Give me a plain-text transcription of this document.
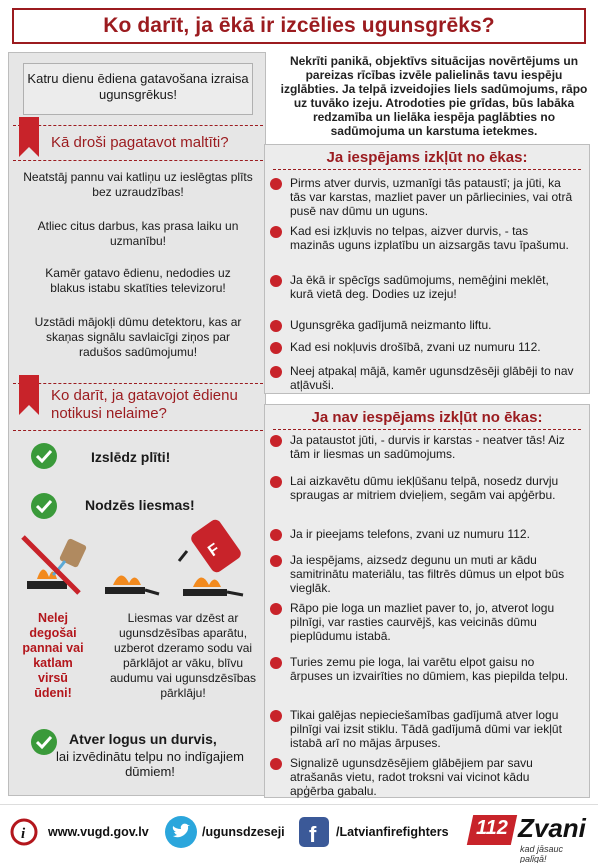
Ko darīt, ja ēkā ir izcēlies ugunsgrēks?
Katru dienu ēdiena gatavošana izraisa ugunsgrēkus!
Kā droši pagatavot maltīti?
Neatstāj pannu vai katliņu uz ieslēgtas plīts bez uzraudzības!
Atliec citus darbus, kas prasa laiku un uzmanību!
Kamēr gatavo ēdienu, nedodies uz blakus istabu skatīties televizoru!
Uzstādi mājokļi dūmu detektoru, kas ar skaņas signālu savlaicīgi ziņos par radušos sadūmojumu!
Ko darīt, ja gatavojot ēdienu notikusi nelaime?
Izslēdz plīti!
Nodzēs liesmas!
F
Nelej degošai pannai vai katlam virsū ūdeni!
Liesmas var dzēst ar ugunsdzēsības aparātu, uzberot dzeramo sodu vai pārklājot ar vāku, blīvu audumu vai ugunsdzēsības pārklāju!
Atver logus un durvis,
lai izvēdinātu telpu no indīgajiem dūmiem!
Nekrīti panikā, objektīvs situācijas novērtējums un pareizas rīcības izvēle palielinās tavu iespēju izglābties. Ja telpā izveidojies liels sadūmojums, rāpo uz tuvāko izeju. Atrodoties pie grīdas, būs labāka redzamība un lielāka iespēja paglābties no sadūmojuma un karstuma ietekmes.
Ja iespējams izkļūt no ēkas:
Pirms atver durvis, uzmanīgi tās pataustī; ja jūti, ka tās var karstas, mazliet paver un pārliecinies, vai otrā pusē nav dūmu un uguns.
Kad esi izkļuvis no telpas, aizver durvis, - tas mazinās uguns izplatību un aizsargās tavu īpašumu.
Ja ēkā ir spēcīgs sadūmojums, nemēģini meklēt, kurā vietā deg. Dodies uz izeju!
Ugunsgrēka gadījumā neizmanto liftu.
Kad esi nokļuvis drošībā, zvani uz numuru 112.
Neej atpakaļ mājā, kamēr ugunsdzēsēji glābēji to nav atļāvuši.
Ja nav iespējams izkļūt no ēkas:
Ja pataustot jūti, - durvis ir karstas - neatver tās! Aiz tām ir liesmas un sadūmojums.
Lai aizkavētu dūmu iekļūšanu telpā, nosedz durvju spraugas ar mitriem dvieļiem, segām vai apģērbu.
Ja ir pieejams telefons, zvani uz numuru 112.
Ja iespējams, aizsedz degunu un muti ar kādu samitrinātu materiālu, tas filtrēs dūmus un elpot būs vieglāk.
Rāpo pie loga un mazliet paver to, jo, atverot logu pilnīgi, var rasties caurvējš, kas veicinās dūmu pieplūdumu istabā.
Turies zemu pie loga, lai varētu elpot gaisu no ārpuses un izvairīties no dūmiem, kas piepilda telpu.
Tikai galējas nepieciešamības gadījumā atver logu pilnīgi vai izsit stiklu. Tādā gadījumā dūmi var iekļūt istabā arī no mājas ārpuses.
Signalizē ugunsdzēsējiem glābējiem par savu atrašanās vietu, radot troksni vai vicinot kādu apģērba gabalu.
i www.vugd.gov.lv	/ugunsdzeseji f /Latvianfirefighters 112 Zvani
kad jāsauc palīgā!
